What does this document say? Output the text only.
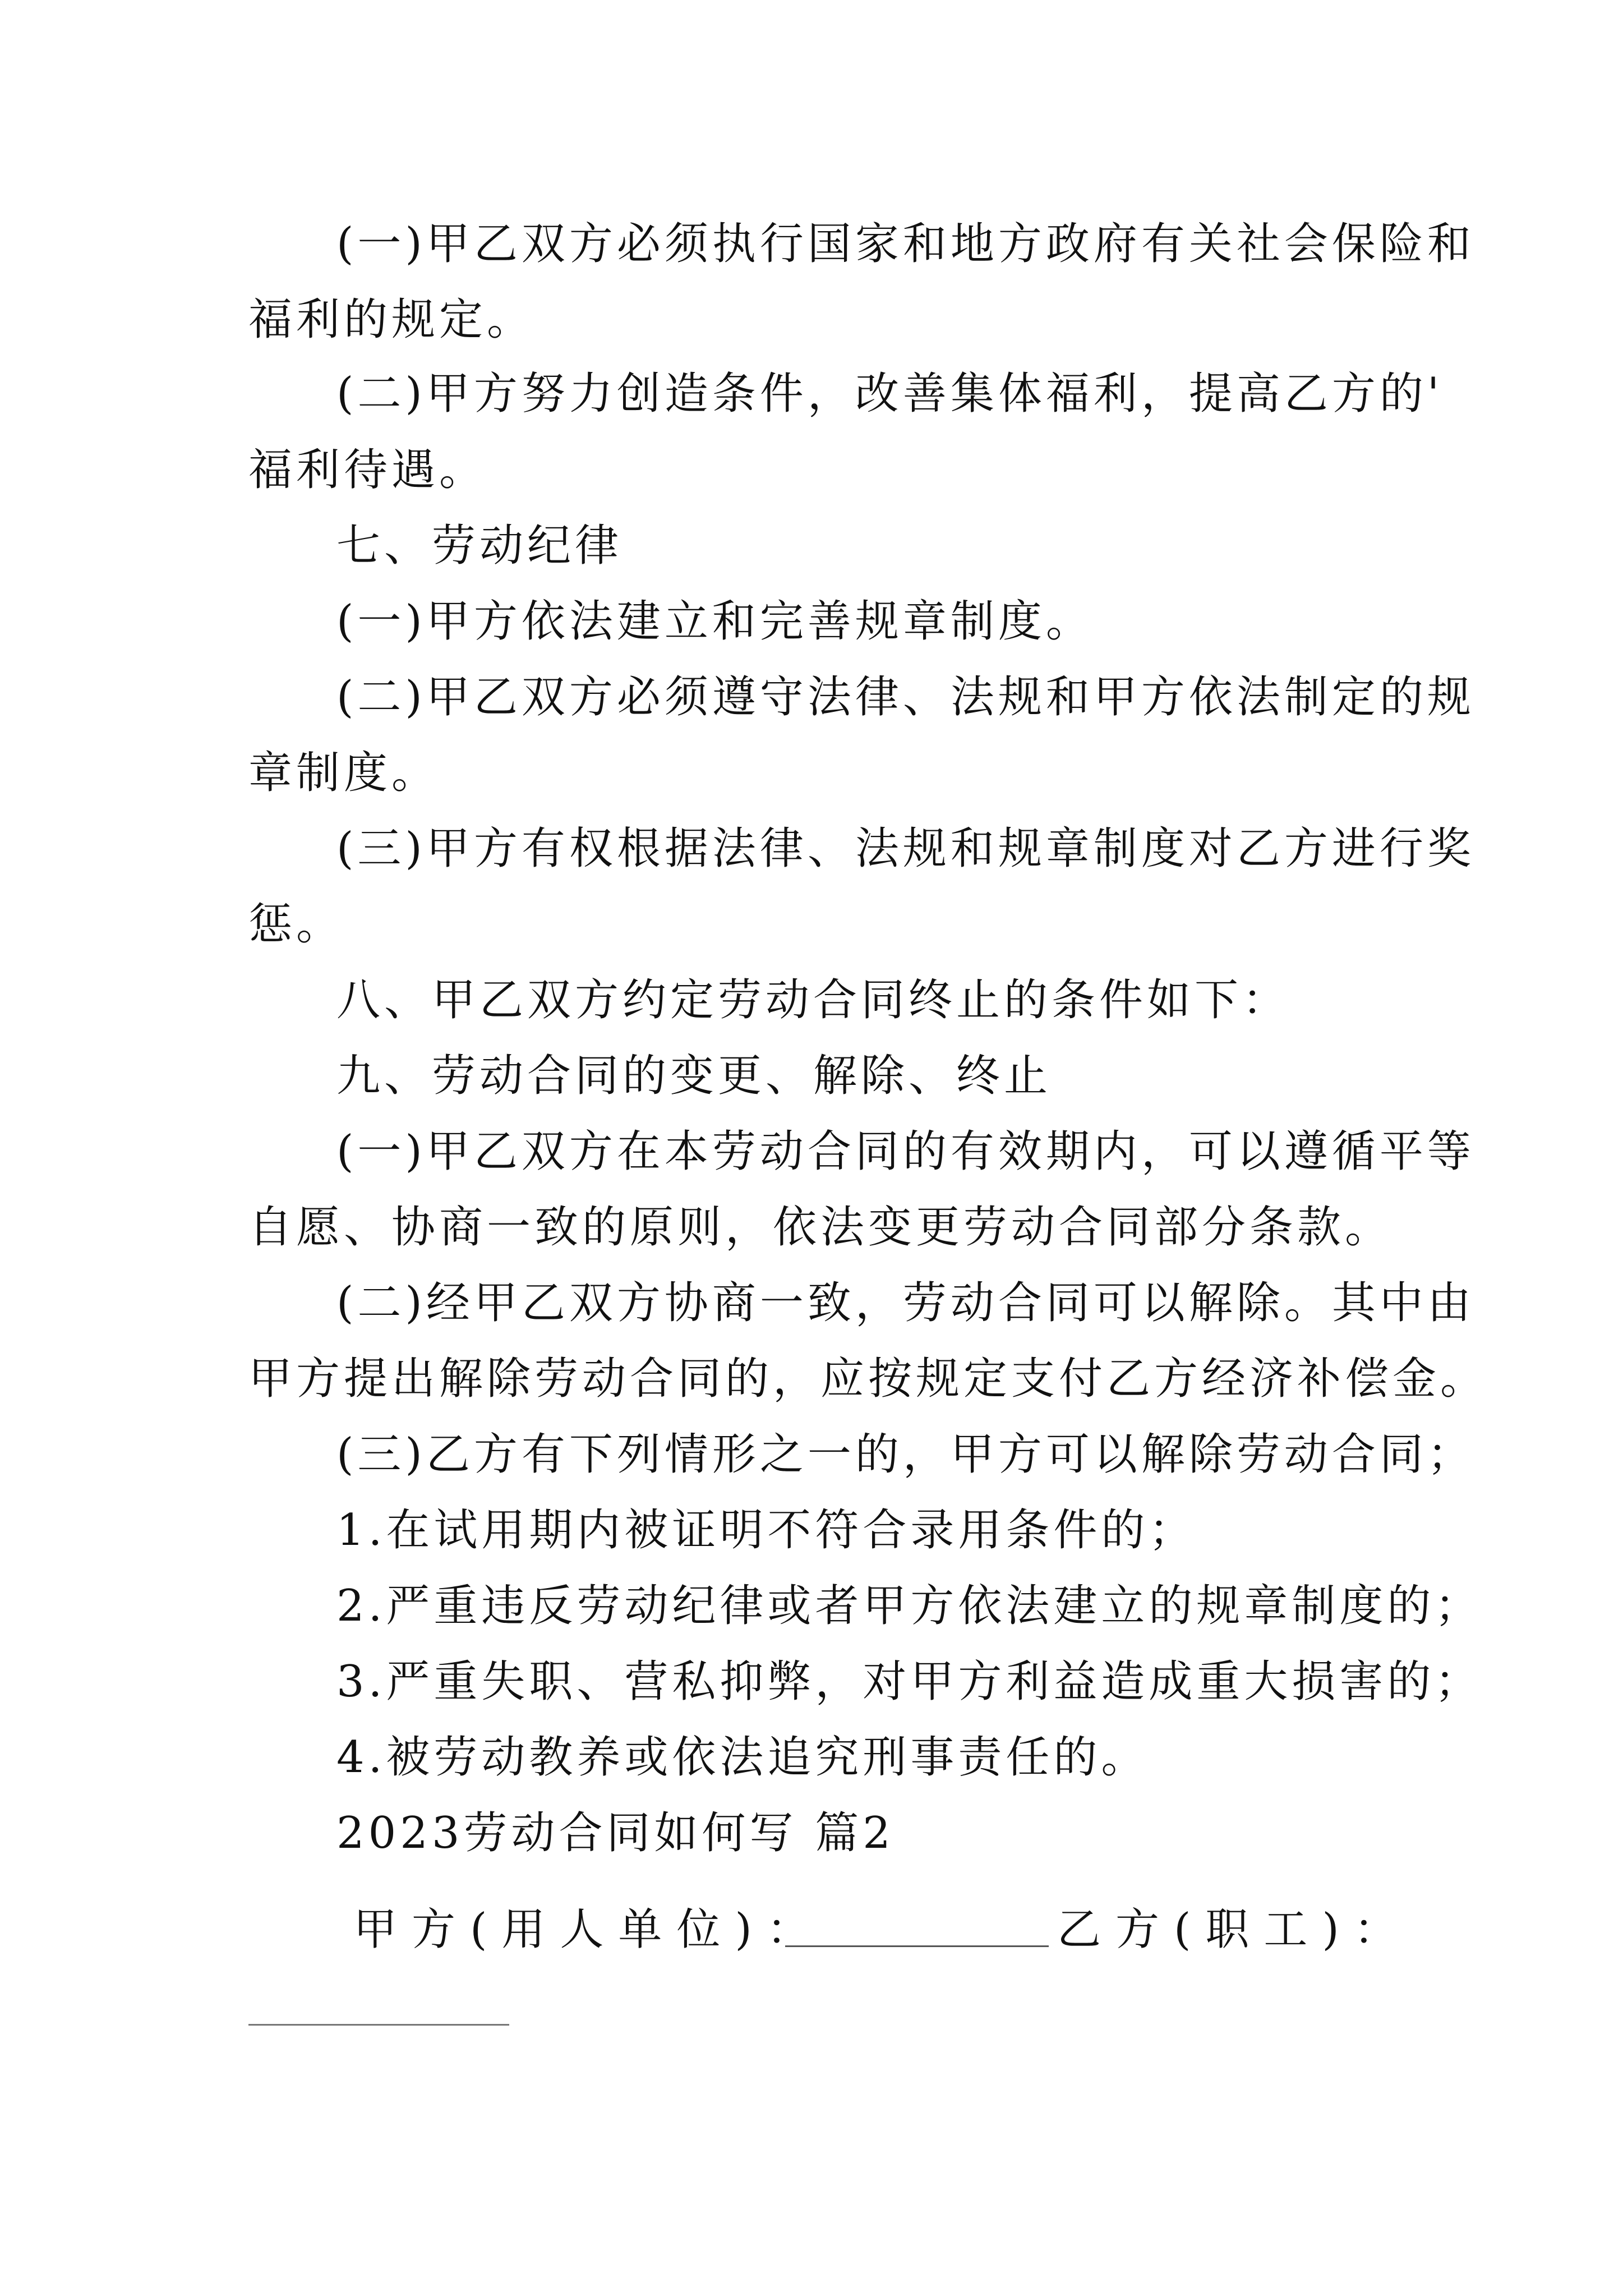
(一)甲乙双方必须执行国家和地方政府有关社会保险和
福利的规定。
(二)甲方努力创造条件，改善集体福利，提高乙方的'
福利待遇。
七、劳动纪律
(一)甲方依法建立和完善规章制度。
(二)甲乙双方必须遵守法律、法规和甲方依法制定的规
章制度。
(三)甲方有权根据法律、法规和规章制度对乙方进行奖
惩。
八、甲乙双方约定劳动合同终止的条件如下：
九、劳动合同的变更、解除、终止
(一)甲乙双方在本劳动合同的有效期内，可以遵循平等
自愿、协商一致的原则，依法变更劳动合同部分条款。
(二)经甲乙双方协商一致，劳动合同可以解除。其中由
甲方提出解除劳动合同的，应按规定支付乙方经济补偿金。
(三)乙方有下列情形之一的，甲方可以解除劳动合同；
1.在试用期内被证明不符合录用条件的；
2.严重违反劳动纪律或者甲方依法建立的规章制度的；
3.严重失职、营私抑弊，对甲方利益造成重大损害的；
4.被劳动教养或依法追究刑事责任的。
2023劳动合同如何写 篇2
甲方(用人单位)：	乙方(职工)：
